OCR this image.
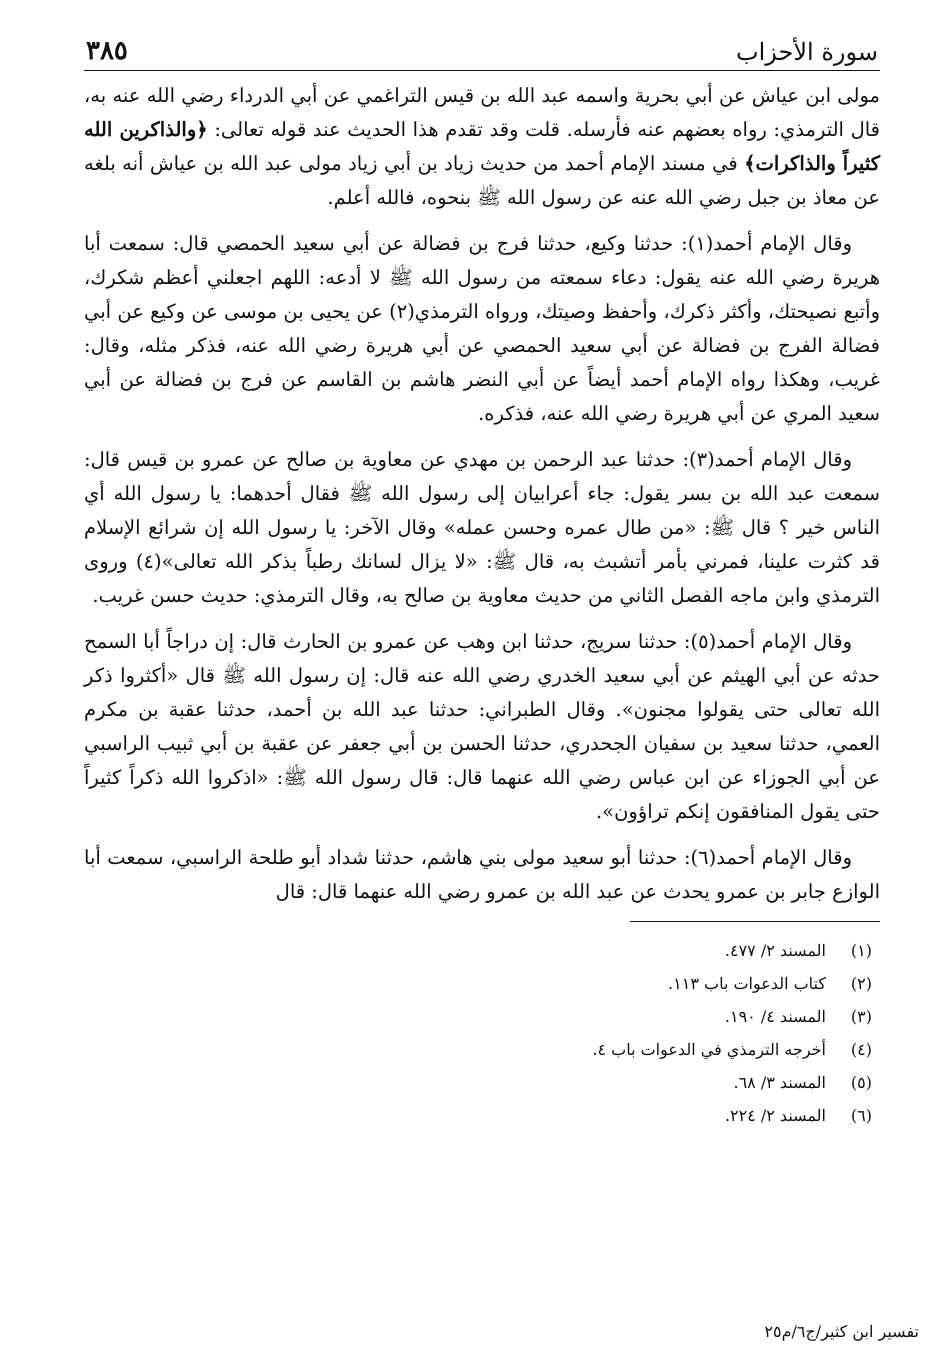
سورة الأحزاب
٣٨٥

مولى ابن عياش عن أبي بحرية واسمه عبد الله بن قيس التراغمي عن أبي الدرداء رضي الله عنه به، قال الترمذي: رواه بعضهم عنه فأرسله. قلت وقد تقدم هذا الحديث عند قوله تعالى: ﴿والذاكرين الله كثيراً والذاكرات﴾ في مسند الإمام أحمد من حديث زياد بن أبي زياد مولى عبد الله بن عياش أنه بلغه عن معاذ بن جبل رضي الله عنه عن رسول الله ﷺ بنحوه، فالله أعلم.

وقال الإمام أحمد(١): حدثنا وكيع، حدثنا فرج بن فضالة عن أبي سعيد الحمصي قال: سمعت أبا هريرة رضي الله عنه يقول: دعاء سمعته من رسول الله ﷺ لا أدعه: اللهم اجعلني أعظم شكرك، وأتبع نصيحتك، وأكثر ذكرك، وأحفظ وصيتك، ورواه الترمذي(٢) عن يحيى بن موسى عن وكيع عن أبي فضالة الفرج بن فضالة عن أبي سعيد الحمصي عن أبي هريرة رضي الله عنه، فذكر مثله، وقال: غريب، وهكذا رواه الإمام أحمد أيضاً عن أبي النضر هاشم بن القاسم عن فرج بن فضالة عن أبي سعيد المري عن أبي هريرة رضي الله عنه، فذكره.

وقال الإمام أحمد(٣): حدثنا عبد الرحمن بن مهدي عن معاوية بن صالح عن عمرو بن قيس قال: سمعت عبد الله بن بسر يقول: جاء أعرابيان إلى رسول الله ﷺ فقال أحدهما: يا رسول الله أي الناس خير ؟ قال ﷺ: «من طال عمره وحسن عمله» وقال الآخر: يا رسول الله إن شرائع الإسلام قد كثرت علينا، فمرني بأمر أتشبث به، قال ﷺ: «لا يزال لسانك رطباً بذكر الله تعالى»(٤) وروى الترمذي وابن ماجه الفصل الثاني من حديث معاوية بن صالح به، وقال الترمذي: حديث حسن غريب.

وقال الإمام أحمد(٥): حدثنا سريج، حدثنا ابن وهب عن عمرو بن الحارث قال: إن دراجاً أبا السمح حدثه عن أبي الهيثم عن أبي سعيد الخدري رضي الله عنه قال: إن رسول الله ﷺ قال «أكثروا ذكر الله تعالى حتى يقولوا مجنون». وقال الطبراني: حدثنا عبد الله بن أحمد، حدثنا عقبة بن مكرم العمي، حدثنا سعيد بن سفيان الجحدري، حدثنا الحسن بن أبي جعفر عن عقبة بن أبي ثبيب الراسبي عن أبي الجوزاء عن ابن عباس رضي الله عنهما قال: قال رسول الله ﷺ: «اذكروا الله ذكراً كثيراً حتى يقول المنافقون إنكم تراؤون».

وقال الإمام أحمد(٦): حدثنا أبو سعيد مولى بني هاشم، حدثنا شداد أبو طلحة الراسبي، سمعت أبا الوازع جابر بن عمرو يحدث عن عبد الله بن عمرو رضي الله عنهما قال: قال

(١)
المسند ٢/ ٤٧٧.
(٢)
كتاب الدعوات باب ١١٣.
(٣)
المسند ٤/ ١٩٠.
(٤)
أخرجه الترمذي في الدعوات باب ٤.
(٥)
المسند ٣/ ٦٨.
(٦)
المسند ٢/ ٢٢٤.
تفسير ابن كثير/ج٦/م٢٥
